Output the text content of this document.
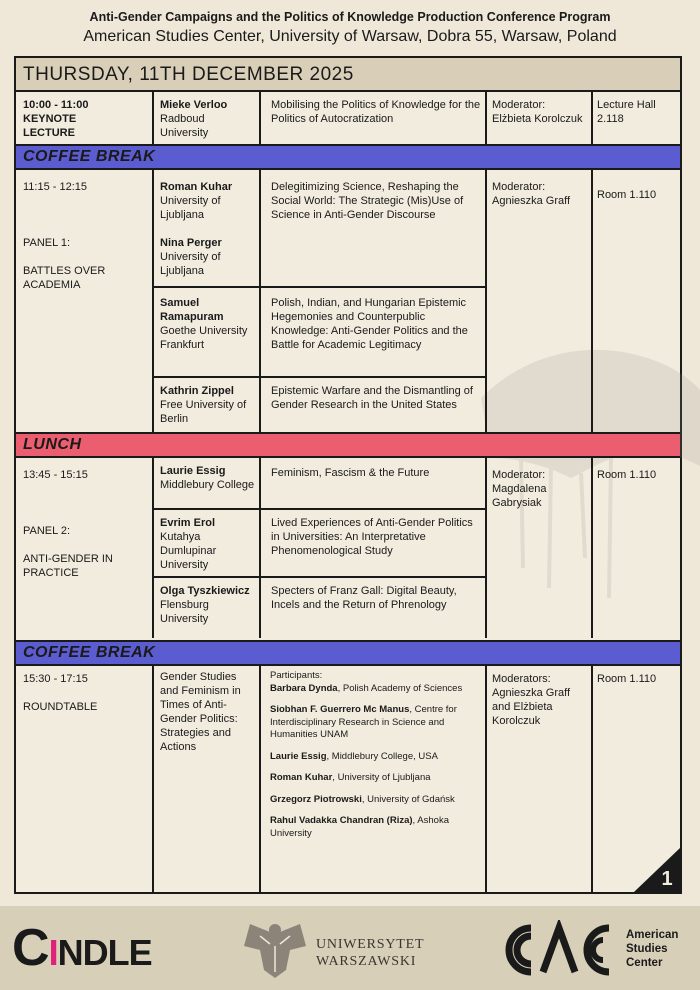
Anti-Gender Campaigns and the Politics of Knowledge Production Conference Program
American Studies Center, University of Warsaw, Dobra 55, Warsaw, Poland
THURSDAY, 11TH DECEMBER 2025
10:00 - 11:00
KEYNOTE LECTURE
Mieke Verloo
Radboud University
Mobilising the Politics of Knowledge for the Politics of Autocratization
Moderator:
Elżbieta Korolczuk
Lecture Hall 2.118
COFFEE BREAK
11:15 - 12:15
PANEL 1:
BATTLES OVER ACADEMIA
Roman Kuhar
University of Ljubljana
Nina Perger
University of Ljubljana
Delegitimizing Science, Reshaping the Social World: The Strategic (Mis)Use of Science in Anti-Gender Discourse
Samuel Ramapuram
Goethe University Frankfurt
Polish, Indian, and Hungarian Epistemic Hegemonies and Counterpublic Knowledge: Anti-Gender Politics and the Battle for Academic Legitimacy
Kathrin Zippel
Free University of Berlin
Epistemic Warfare and the Dismantling of Gender Research in the United States
Moderator:
Agnieszka Graff	Room 1.110
LUNCH
13:45 - 15:15
PANEL 2:
ANTI-GENDER IN PRACTICE
Laurie Essig
Middlebury College
Feminism, Fascism & the Future
Evrim Erol
Kutahya Dumlupinar University
Lived Experiences of Anti-Gender Politics in Universities: An Interpretative Phenomenological Study
Olga Tyszkiewicz
Flensburg University
Specters of Franz Gall: Digital Beauty, Incels and the Return of Phrenology
Moderator:
Magdalena Gabrysiak
Room 1.110
COFFEE BREAK
15:30 - 17:15
ROUNDTABLE
Gender Studies and Feminism in Times of Anti-Gender Politics: Strategies and Actions
Participants:

Barbara Dynda, Polish Academy of Sciences

Siobhan F. Guerrero Mc Manus, Centre for Interdisciplinary Research in Science and Humanities UNAM

Laurie Essig, Middlebury College, USA

Roman Kuhar, University of Ljubljana

Grzegorz Piotrowski, University of Gdańsk

Rahul Vadakka Chandran (Riza), Ashoka University

Moderators:
Agnieszka Graff and Elżbieta Korolczuk
Room 1.110
1
CINDLE	UNIWERSYTET
WARSZAWSKI
American
Studies
Center
